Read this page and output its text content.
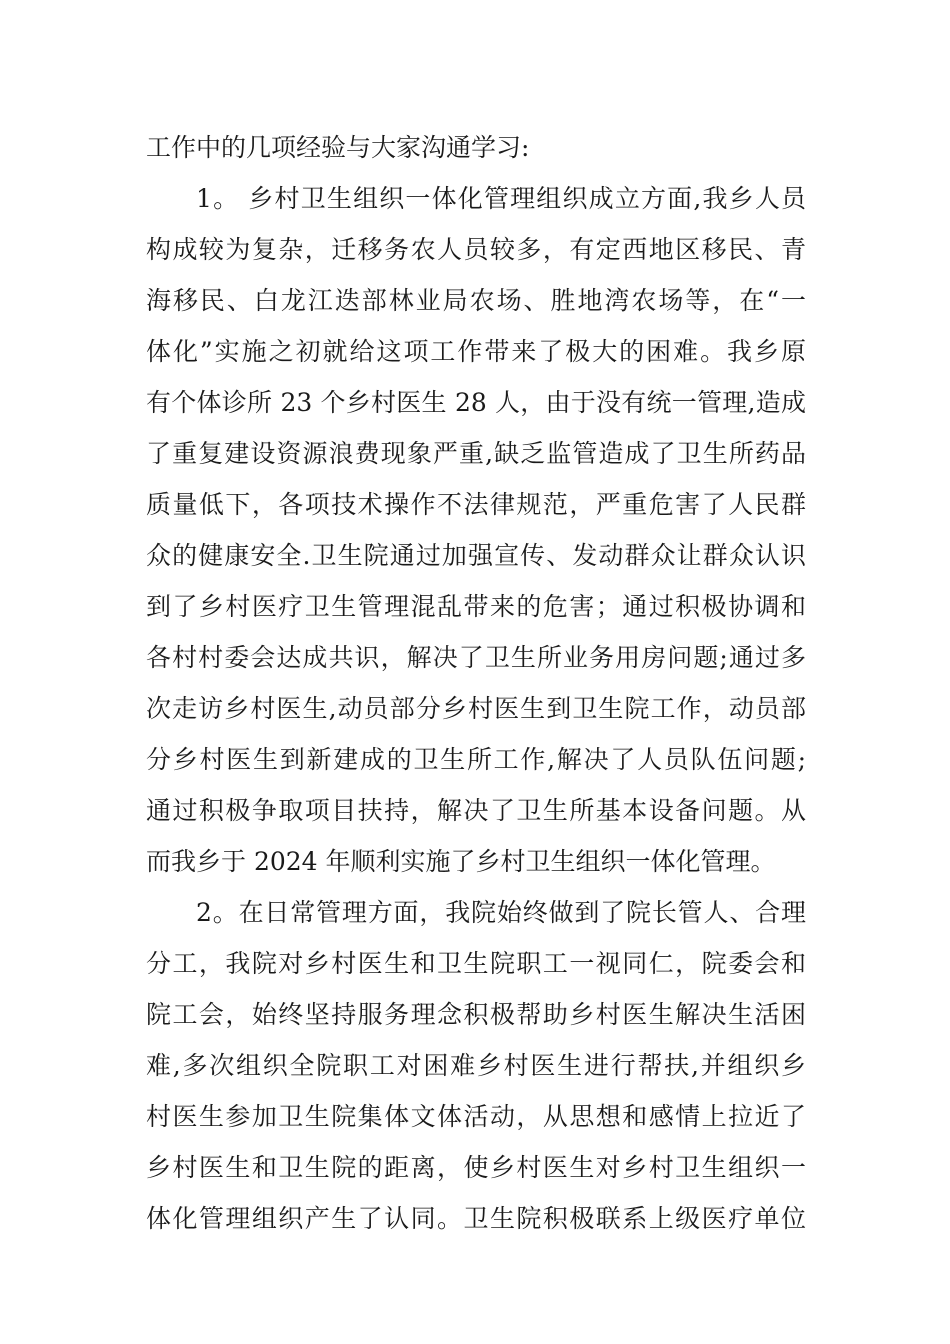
工作中的几项经验与大家沟通学习:
1。 乡村卫生组织一体化管理组织成立方面,我乡人员
构成较为复杂，迁移务农人员较多，有定西地区移民、青
海移民、白龙江迭部林业局农场、胜地湾农场等，在“一
体化”实施之初就给这项工作带来了极大的困难。我乡原
有个体诊所 23 个乡村医生 28 人，由于没有统一管理,造成
了重复建设资源浪费现象严重,缺乏监管造成了卫生所药品
质量低下，各项技术操作不法律规范，严重危害了人民群
众的健康安全.卫生院通过加强宣传、发动群众让群众认识
到了乡村医疗卫生管理混乱带来的危害；通过积极协调和
各村村委会达成共识，解决了卫生所业务用房问题;通过多
次走访乡村医生,动员部分乡村医生到卫生院工作，动员部
分乡村医生到新建成的卫生所工作,解决了人员队伍问题;
通过积极争取项目扶持，解决了卫生所基本设备问题。从
而我乡于 2024 年顺利实施了乡村卫生组织一体化管理。
2。在日常管理方面，我院始终做到了院长管人、合理
分工，我院对乡村医生和卫生院职工一视同仁，院委会和
院工会，始终坚持服务理念积极帮助乡村医生解决生活困
难,多次组织全院职工对困难乡村医生进行帮扶,并组织乡
村医生参加卫生院集体文体活动，从思想和感情上拉近了
乡村医生和卫生院的距离，使乡村医生对乡村卫生组织一
体化管理组织产生了认同。卫生院积极联系上级医疗单位
